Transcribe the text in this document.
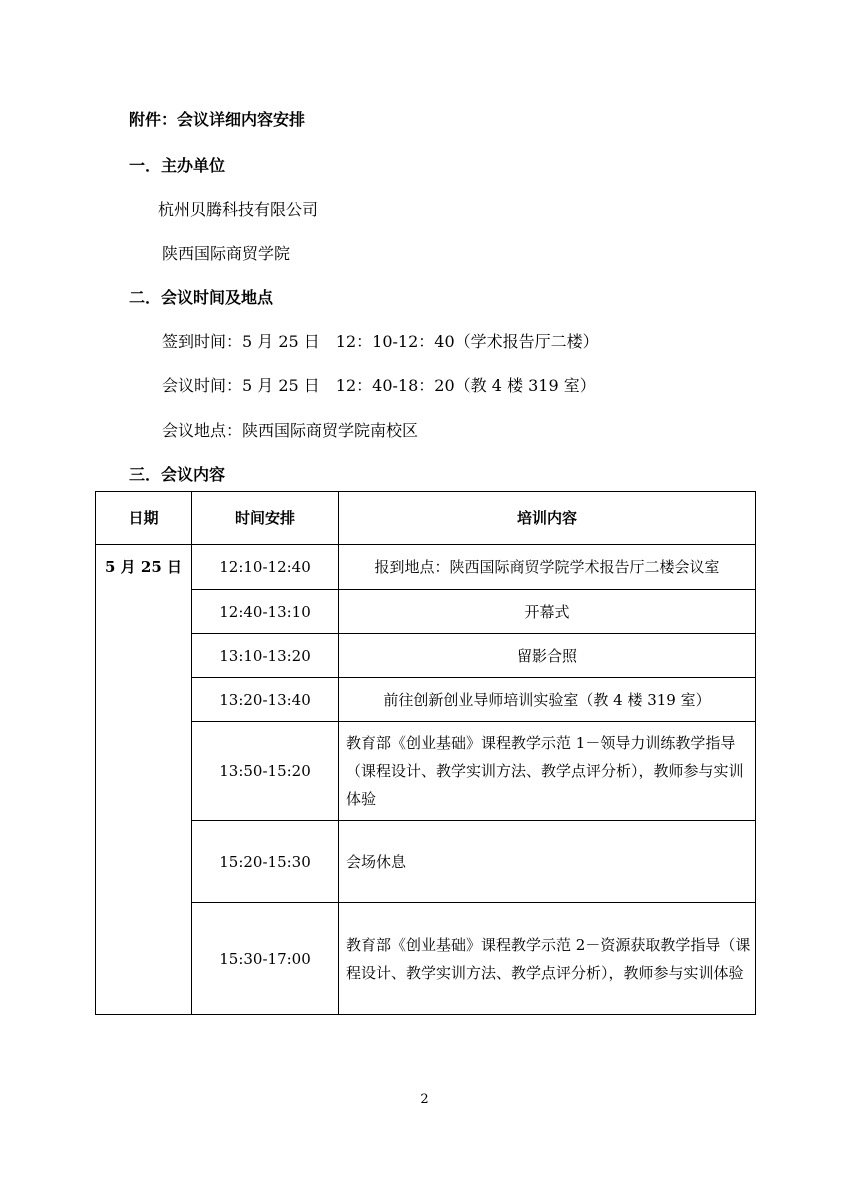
附件：会议详细内容安排
一．主办单位
杭州贝腾科技有限公司
陕西国际商贸学院
二．会议时间及地点
签到时间：5 月 25 日　12：10-12：40（学术报告厅二楼）
会议时间：5 月 25 日　12：40-18：20（教 4 楼 319 室）
会议地点：陕西国际商贸学院南校区
三．会议内容
日期	时间安排	培训内容
5 月 25 日	12:10-12:40	报到地点：陕西国际商贸学院学术报告厅二楼会议室
	12:40-13:10	开幕式
	13:10-13:20	留影合照
	13:20-13:40	前往创新创业导师培训实验室（教 4 楼 319 室）
	13:50-15:20	教育部《创业基础》课程教学示范 1－领导力训练教学指导（课程设计、教学实训方法、教学点评分析），教师参与实训体验
	15:20-15:30	会场休息
	15:30-17:00	教育部《创业基础》课程教学示范 2－资源获取教学指导（课程设计、教学实训方法、教学点评分析），教师参与实训体验
2
